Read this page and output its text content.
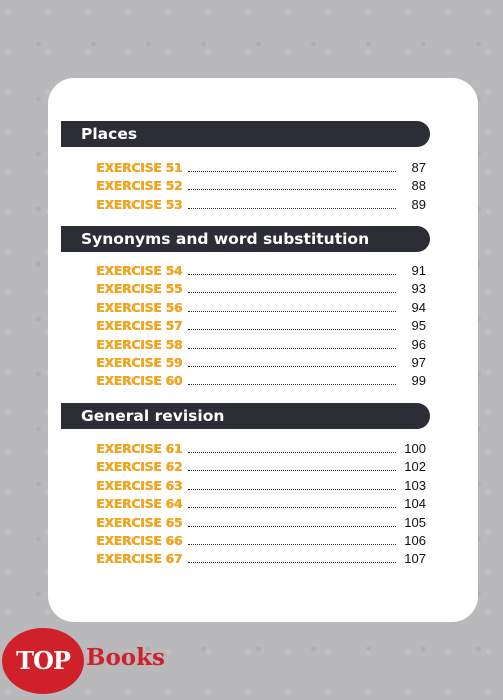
Places
EXERCISE 51	87
EXERCISE 52	88
EXERCISE 53	89
Synonyms and word substitution
EXERCISE 54	91
EXERCISE 55	93
EXERCISE 56	94
EXERCISE 57	95
EXERCISE 58	96
EXERCISE 59	97
EXERCISE 60	99
General revision
EXERCISE 61	100
EXERCISE 62	102
EXERCISE 63	103
EXERCISE 64	104
EXERCISE 65	105
EXERCISE 66	106
EXERCISE 67	107
TOP Books
